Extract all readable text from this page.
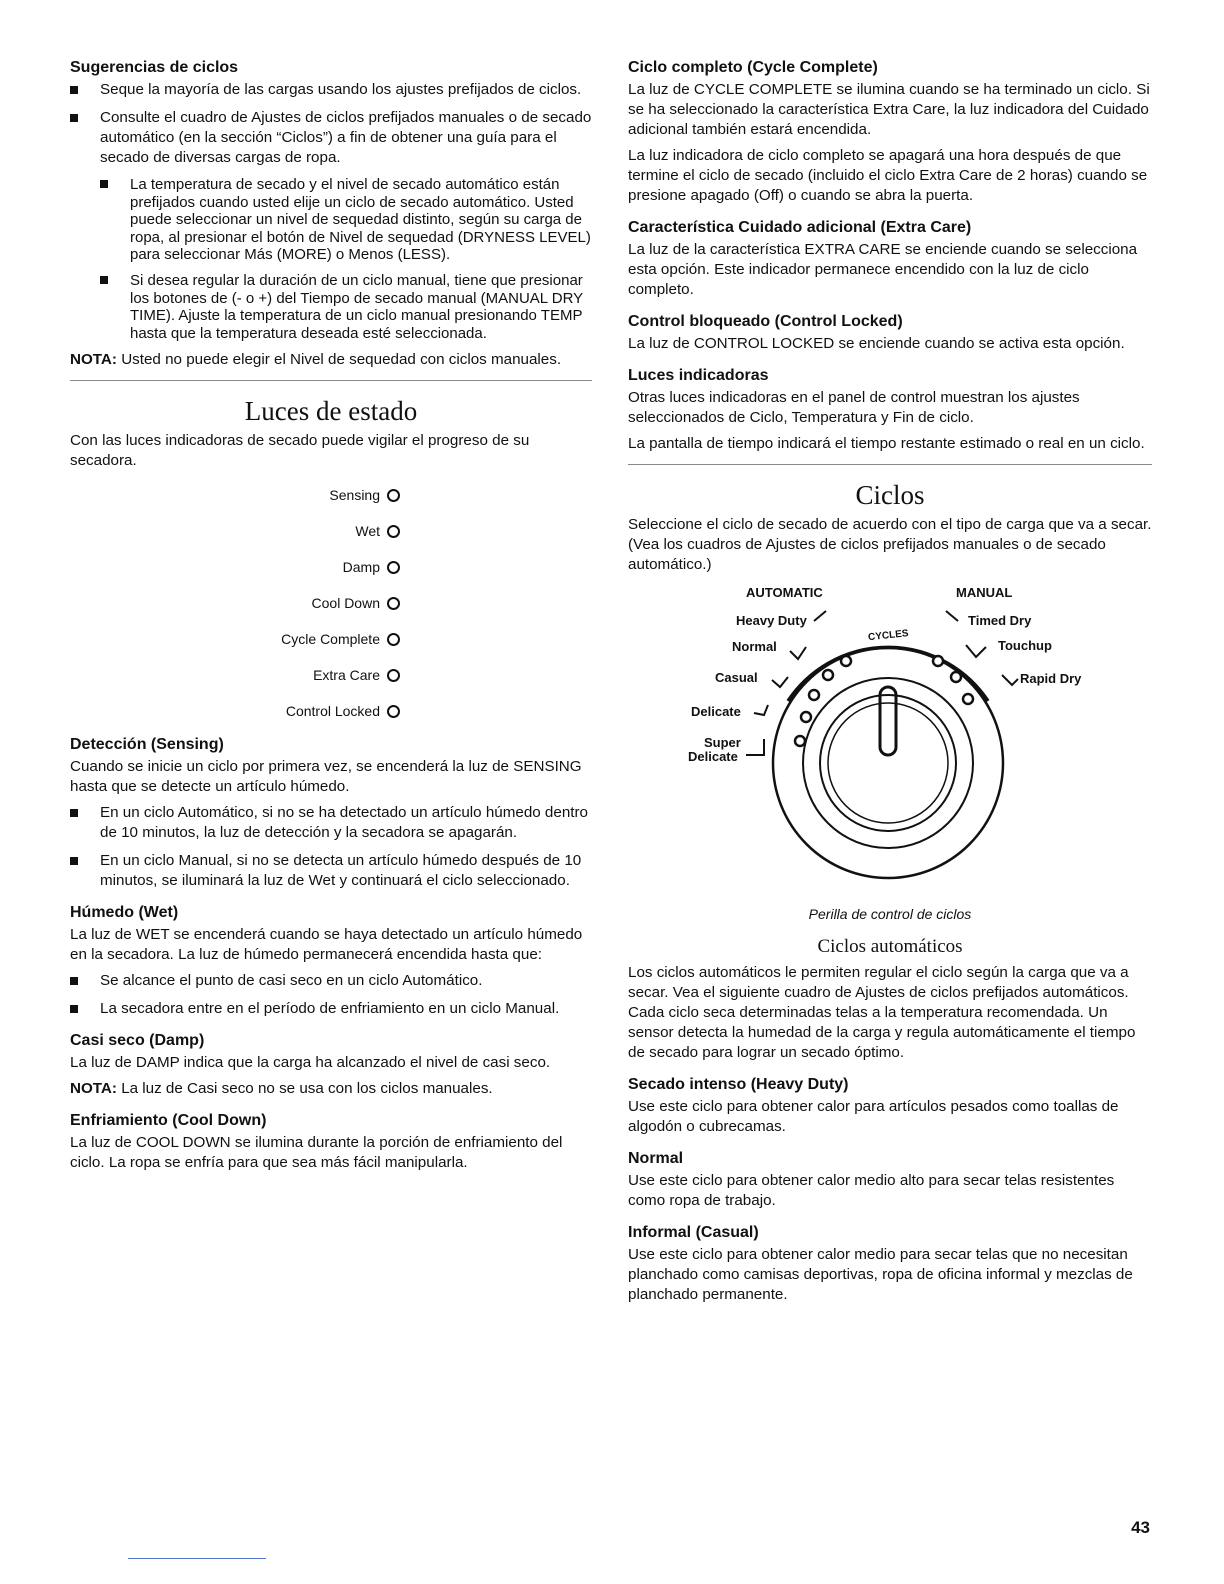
Sugerencias de ciclos
Seque la mayoría de las cargas usando los ajustes prefijados de ciclos.
Consulte el cuadro de Ajustes de ciclos prefijados manuales o de secado automático (en la sección “Ciclos”) a fin de obtener una guía para el secado de diversas cargas de ropa.
La temperatura de secado y el nivel de secado automático están prefijados cuando usted elije un ciclo de secado automático. Usted puede seleccionar un nivel de sequedad distinto, según su carga de ropa, al presionar el botón de Nivel de sequedad (DRYNESS LEVEL) para seleccionar Más (MORE) o Menos (LESS).
Si desea regular la duración de un ciclo manual, tiene que presionar los botones de (- o +) del Tiempo de secado manual (MANUAL DRY TIME). Ajuste la temperatura de un ciclo manual presionando TEMP hasta que la temperatura deseada esté seleccionada.

NOTA: Usted no puede elegir el Nivel de sequedad con ciclos manuales.

Luces de estado

Con las luces indicadoras de secado puede vigilar el progreso de su secadora.

Sensing
Wet
Damp
Cool Down
Cycle Complete
Extra Care
Control Locked
Detección (Sensing)

Cuando se inicie un ciclo por primera vez, se encenderá la luz de SENSING hasta que se detecte un artículo húmedo.

En un ciclo Automático, si no se ha detectado un artículo húmedo dentro de 10 minutos, la luz de detección y la secadora se apagarán.
En un ciclo Manual, si no se detecta un artículo húmedo después de 10 minutos, se iluminará la luz de Wet y continuará el ciclo seleccionado.
Húmedo (Wet)

La luz de WET se encenderá cuando se haya detectado un artículo húmedo en la secadora. La luz de húmedo permanecerá encendida hasta que:

Se alcance el punto de casi seco en un ciclo Automático.
La secadora entre en el período de enfriamiento en un ciclo Manual.
Casi seco (Damp)

La luz de DAMP indica que la carga ha alcanzado el nivel de casi seco.

NOTA: La luz de Casi seco no se usa con los ciclos manuales.

Enfriamiento (Cool Down)

La luz de COOL DOWN se ilumina durante la porción de enfriamiento del ciclo. La ropa se enfría para que sea más fácil manipularla.

Ciclo completo (Cycle Complete)

La luz de CYCLE COMPLETE se ilumina cuando se ha terminado un ciclo. Si se ha seleccionado la característica Extra Care, la luz indicadora del Cuidado adicional también estará encendida.

La luz indicadora de ciclo completo se apagará una hora después de que termine el ciclo de secado (incluido el ciclo Extra Care de 2 horas) cuando se presione apagado (Off) o cuando se abra la puerta.

Característica Cuidado adicional (Extra Care)

La luz de la característica EXTRA CARE se enciende cuando se selecciona esta opción. Este indicador permanece encendido con la luz de ciclo completo.

Control bloqueado (Control Locked)

La luz de CONTROL LOCKED se enciende cuando se activa esta opción.

Luces indicadoras

Otras luces indicadoras en el panel de control muestran los ajustes seleccionados de Ciclo, Temperatura y Fin de ciclo.

La pantalla de tiempo indicará el tiempo restante estimado o real en un ciclo.

Ciclos

Seleccione el ciclo de secado de acuerdo con el tipo de carga que va a secar. (Vea los cuadros de Ajustes de ciclos prefijados manuales o de secado automático.)

AUTOMATIC	MANUAL
Heavy Duty
Normal
Casual
Delicate
Super
Delicate
Timed Dry
Touchup
Rapid Dry
CYCLES

Perilla de control de ciclos

Ciclos automáticos

Los ciclos automáticos le permiten regular el ciclo según la carga que va a secar. Vea el siguiente cuadro de Ajustes de ciclos prefijados automáticos. Cada ciclo seca determinadas telas a la temperatura recomendada. Un sensor detecta la humedad de la carga y regula automáticamente el tiempo de secado para lograr un secado óptimo.

Secado intenso (Heavy Duty)

Use este ciclo para obtener calor para artículos pesados como toallas de algodón o cubrecamas.

Normal

Use este ciclo para obtener calor medio alto para secar telas resistentes como ropa de trabajo.

Informal (Casual)

Use este ciclo para obtener calor medio para secar telas que no necesitan planchado como camisas deportivas, ropa de oficina informal y mezclas de planchado permanente.

43
